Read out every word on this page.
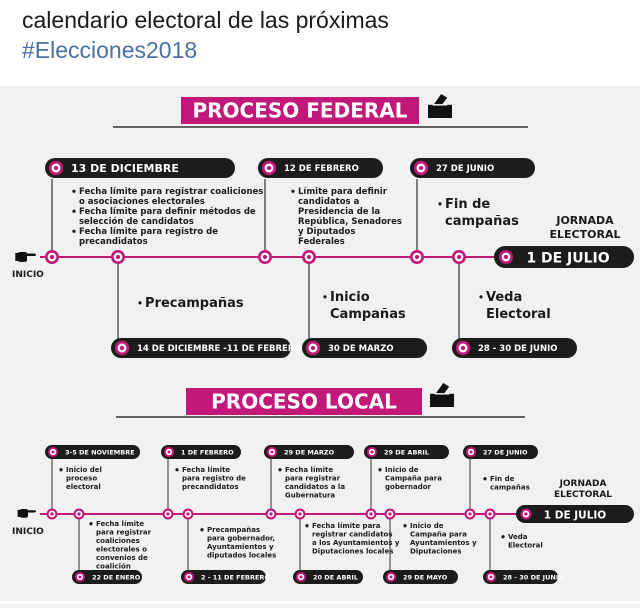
calendario electoral de las próximas
#Elecciones2018
PROCESO FEDERAL
INICIO
13 DE DICIEMBRE	12 DE FEBRERO	27 DE JUNIO
14 DE DICIEMBRE -11 DE FEBRERO	30 DE MARZO	28 - 30 DE JUNIO
1 DE JULIO
JORNADA
ELECTORAL
Fecha límite para registrar coaliciones
o asociaciones electorales
Fecha límite para definir métodos de
selección de candidatos
Fecha límite para registro de
precandidatos
Límite para definir
candidatos a
Presidencia de la
República, Senadores
y Diputados
Federales
Fin de
campañas
Precampañas	Inicio
Campañas
Veda
Electoral
PROCESO LOCAL
INICIO
3-5 DE NOVIEMBRE	1 DE FEBRERO	29 DE MARZO	29 DE ABRIL	27 DE JUNIO
22 DE ENERO	2 - 11 DE FEBRERO	20 DE ABRIL	29 DE MAYO	28 - 30 DE JUNIO
1 DE JULIO
JORNADA
ELECTORAL
Inicio del
proceso
electoral
Fecha límite
para registro de
precandidatos
Fecha límite
para registrar
candidatos a la
Gubernatura
Inicio de
Campaña para
gobernador
Fin de
campañas
Fecha límite
para registrar
coaliciones
electorales o
convenios de
coalición
Precampañas
para gobernador,
Ayuntamientos y
diputados locales
Fecha límite para
registrar candidatos
a los Ayuntamientos y
Diputaciones locales
Inicio de
Campaña para
Ayuntamientos y
Diputaciones
Veda
Electoral
